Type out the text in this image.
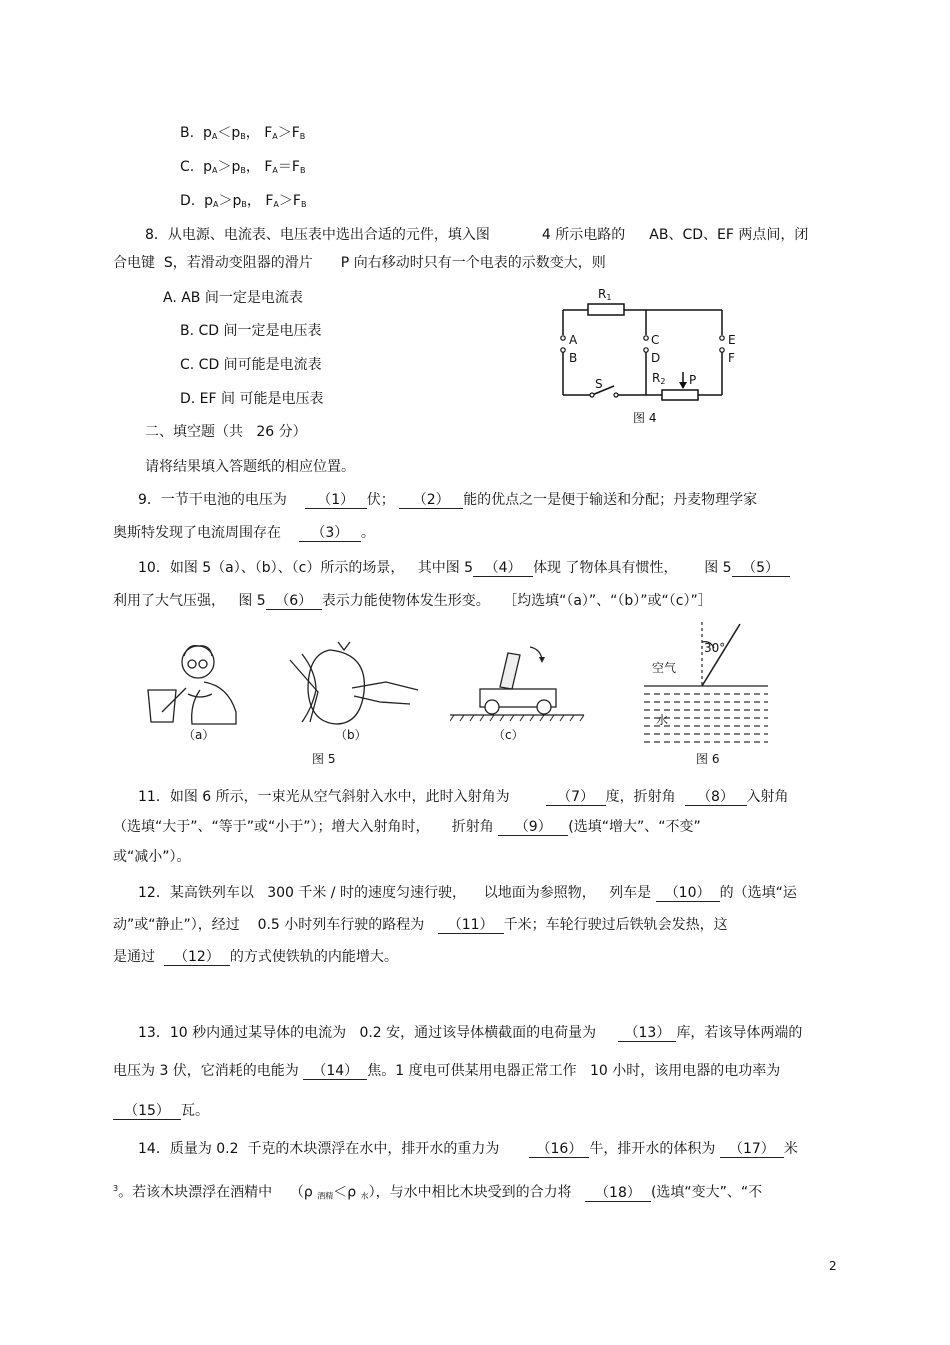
B. $p_A<p_B$， $F_A>F_B$
C. $p_A>p_B$， $F_A=F_B$
D. $p_A>p_B$， $F_A>F_B$
8．从电源、电流表、电压表中选出合适的元件，填入图	4 所示电路的 AB、CD、EF 两点间，闭
合电键 S，若滑动变阻器的滑片 P 向右移动时只有一个电表的示数变大，则
A. AB 间一定是电流表
B. CD 间一定是电压表
C. CD 间可能是电流表
D. EF 间 可能是电压表
R1
A
B
C
D
E
F
S	R2 P
图 4
二、填空题（共 26 分）
请将结果填入答题纸的相应位置。
9．一节干电池的电压为 （1） 伏； （2） 能的优点之一是便于输送和分配；丹麦物理学家
奥斯特发现了电流周围存在 （3） 。
10．如图 5（a）、（b）、（c）所示的场景， 其中图 5 （4） 体现 了物体具有惯性， 图 5 （5）
利用了大气压强， 图 5 （6） 表示力能使物体发生形变。 ［均选填“（a）”、“（b）”或“（c）”］
（a）	（b）	（c）
图 5
30°
空气
水
图 6
11．如图 6 所示，一束光从空气斜射入水中，此时入射角为	（7） 度，折射角 （8） 入射角
（选填“大于”、“等于”或“小于”）；增大入射角时， 折射角 （9） (选填“增大”、“不变”
或“减小”）。
12．某高铁列车以 300 千米 / 时的速度匀速行驶， 以地面为参照物， 列车是 （10） 的（选填“运
动”或“静止”），经过 0.5 小时列车行驶的路程为 （11） 千米；车轮行驶过后铁轨会发热，这
是通过 （12） 的方式使铁轨的内能增大。
13．10 秒内通过某导体的电流为 0.2 安，通过该导体横截面的电荷量为 （13） 库，若该导体两端的
电压为 3 伏，它消耗的电能为 （14） 焦。1 度电可供某用电器正常工作 10 小时，该用电器的电功率为
（15） 瓦。
14．质量为 0.2 千克的木块漂浮在水中，排开水的重力为	（16） 牛，排开水的体积为 （17） 米
$^3$。若该木块漂浮在酒精中 （ρ $_{酒精}$＜ρ $_水$），与水中相比木块受到的合力将 （18） (选填“变大”、“不
2
